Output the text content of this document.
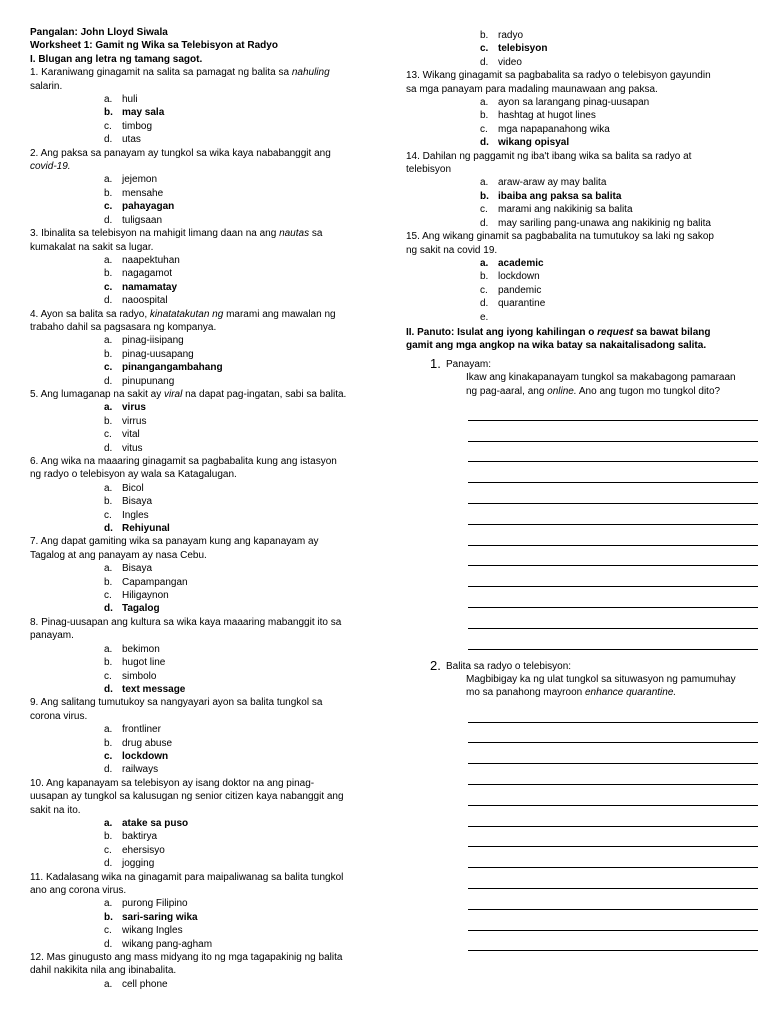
Pangalan: John Lloyd Siwala
Worksheet 1: Gamit ng Wika sa Telebisyon at Radyo
I. Blugan ang letra ng tamang sagot.
1. Karaniwang ginagamit na salita sa pamagat ng balita sa nahuling
salarin.
a. huli
b. may sala
c. timbog
d. utas
2. Ang paksa sa panayam ay tungkol sa wika kaya nababanggit ang
covid-19.
a. jejemon
b. mensahe
c. pahayagan
d. tuligsaan
3. Ibinalita sa telebisyon na mahigit limang daan na ang nautas sa
kumakalat na sakit sa lugar.
a. naapektuhan
b. nagagamot
c. namamatay
d. naoospital
4. Ayon sa balita sa radyo, kinatatakutan ng marami ang mawalan ng
trabaho dahil sa pagsasara ng kompanya.
a. pinag-iisipang
b. pinag-uusapang
c. pinangangambahang
d. pinupunang
5. Ang lumaganap na sakit ay viral na dapat pag-ingatan, sabi sa balita.
a. virus
b. virrus
c. vital
d. vitus
6. Ang wika na maaaring ginagamit sa pagbabalita kung ang istasyon
ng radyo o telebisyon ay wala sa Katagalugan.
a. Bicol
b. Bisaya
c. Ingles
d. Rehiyunal
7. Ang dapat gamiting wika sa panayam kung ang kapanayam ay
Tagalog at ang panayam ay nasa Cebu.
a. Bisaya
b. Capampangan
c. Hiligaynon
d. Tagalog
8. Pinag-uusapan ang kultura sa wika kaya maaaring mabanggit ito sa
panayam.
a. bekimon
b. hugot line
c. simbolo
d. text message
9. Ang salitang tumutukoy sa nangyayari ayon sa balita tungkol sa
corona virus.
a. frontliner
b. drug abuse
c. lockdown
d. railways
10. Ang kapanayam sa telebisyon ay isang doktor na ang pinag-
uusapan ay tungkol sa kalusugan ng senior citizen kaya nabanggit ang
sakit na ito.
a. atake sa puso
b. baktirya
c. ehersisyo
d. jogging
11. Kadalasang wika na ginagamit para maipaliwanag sa balita tungkol
ano ang corona virus.
a. purong Filipino
b. sari-saring wika
c. wikang Ingles
d. wikang pang-agham
12. Mas ginugusto ang mass midyang ito ng mga tagapakinig ng balita
dahil nakikita nila ang ibinabalita.
a. cell phone
b. radyo
c. telebisyon
d. video
13. Wikang ginagamit sa pagbabalita sa radyo o telebisyon gayundin
sa mga panayam para madaling maunawaan ang paksa.
a. ayon sa larangang pinag-uusapan
b. hashtag at hugot lines
c. mga napapanahong wika
d. wikang opisyal
14. Dahilan ng paggamit ng iba't ibang wika sa balita sa radyo at
telebisyon
a. araw-araw ay may balita
b. ibaiba ang paksa sa balita
c. marami ang nakikinig sa balita
d. may sariling pang-unawa ang nakikinig ng balita
15. Ang wikang ginamit sa pagbabalita na tumutukoy sa laki ng sakop
ng sakit na covid 19.
a. academic
b. lockdown
c. pandemic
d. quarantine
e.
II. Panuto: Isulat ang iyong kahilingan o request sa bawat bilang
gamit ang mga angkop na wika batay sa nakaitalisadong salita.
1. Panayam:
Ikaw ang kinakapanayam tungkol sa makabagong pamaraan
ng pag-aaral, ang online. Ano ang tugon mo tungkol dito?
2. Balita sa radyo o telebisyon:
Magbibigay ka ng ulat tungkol sa situwasyon ng pamumuhay
mo sa panahong mayroon enhance quarantine.
